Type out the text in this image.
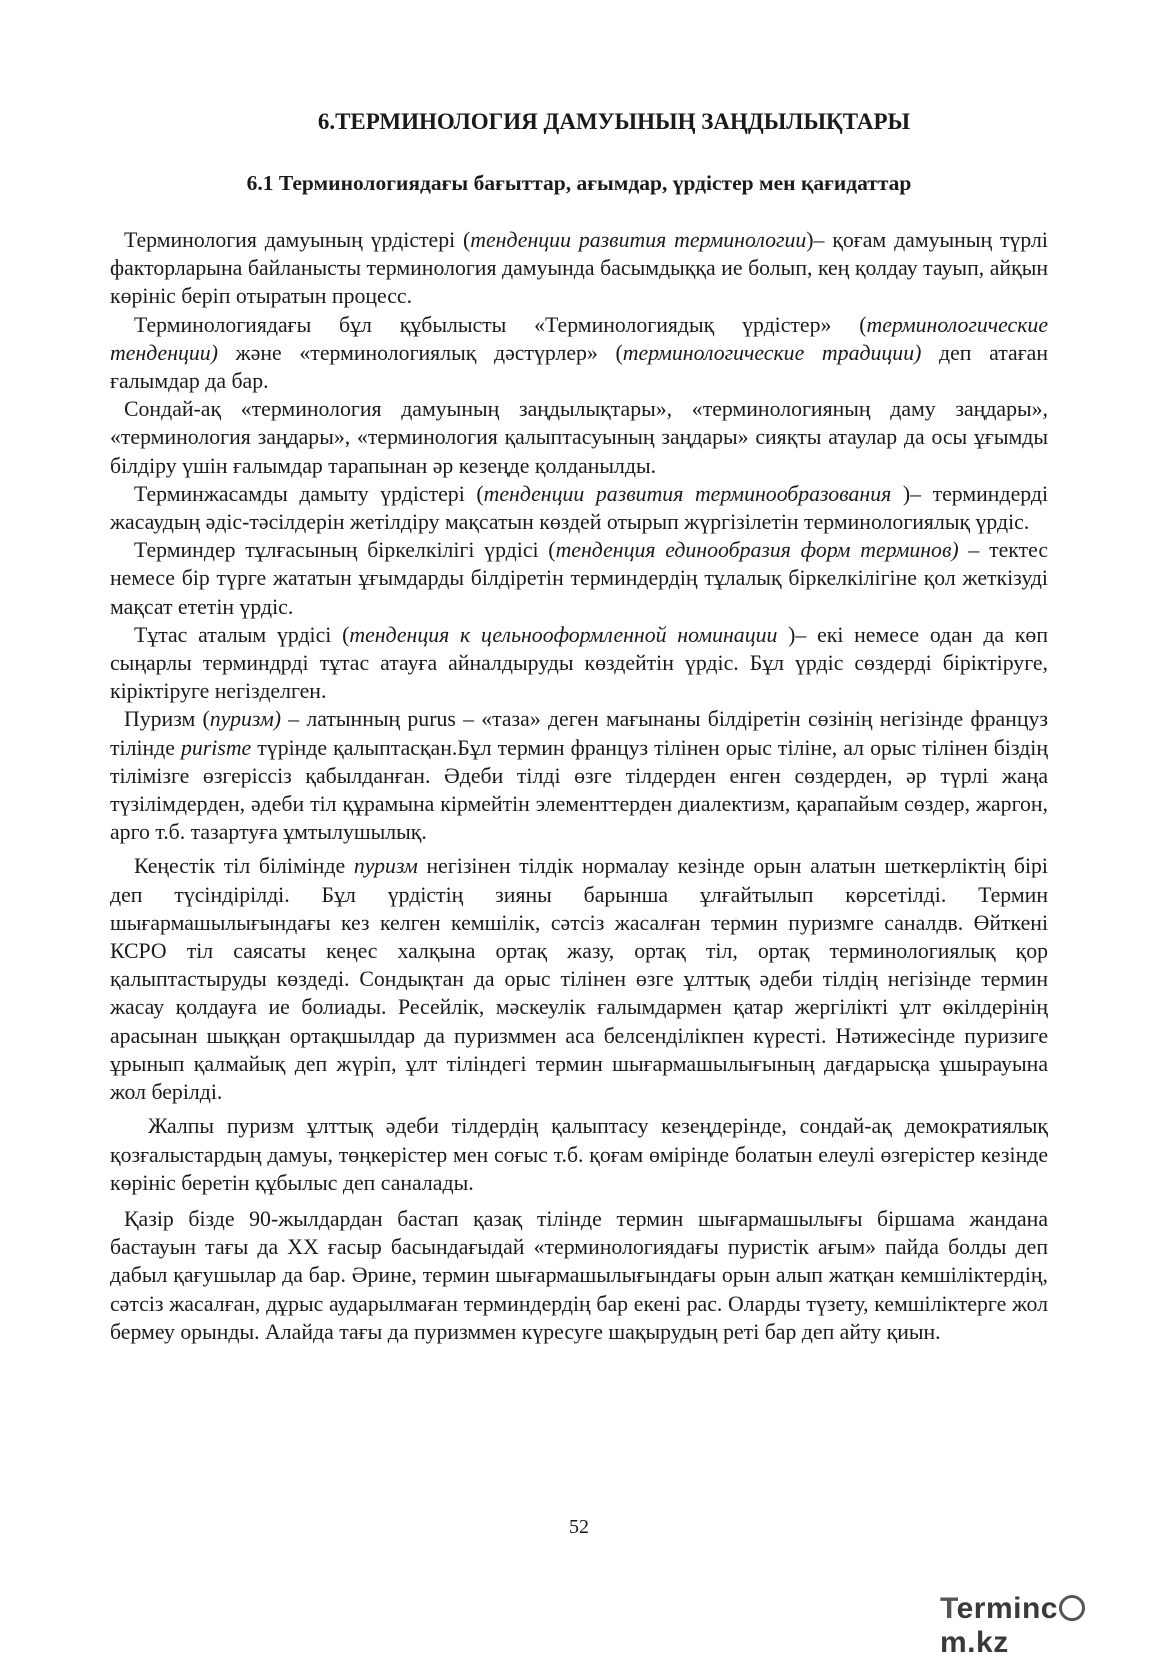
6.ТЕРМИНОЛОГИЯ ДАМУЫНЫҢ ЗАҢДЫЛЫҚТАРЫ
6.1 Терминологиядағы бағыттар, ағымдар, үрдістер мен қағидаттар

Терминология дамуының үрдістері (тенденции развития терминологии)– қоғам дамуының түрлі факторларына байланысты терминология дамуында басымдыққа ие болып, кең қолдау тауып, айқын көрініс беріп отыратын процесс.

Терминологиядағы бұл құбылысты «Терминологиядық үрдістер» (терминологические тенденции) және «терминологиялық дәстүрлер» (терминологические традиции) деп атаған ғалымдар да бар.

Сондай-ақ «терминология дамуының заңдылықтары», «терминологияның даму заңдары», «терминология заңдары», «терминология қалыптасуының заңдары» сияқты атаулар да осы ұғымды білдіру үшін ғалымдар тарапынан әр кезеңде қолданылды.

Терминжасамды дамыту үрдістері (тенденции развития терминообразования )– терминдерді жасаудың әдіс-тәсілдерін жетілдіру мақсатын көздей отырып жүргізілетін терминологиялық үрдіс.

Терминдер тұлғасының біркелкілігі үрдісі (тенденция единообразия форм терминов) – тектес немесе бір түрге жататын ұғымдарды білдіретін терминдердің тұлалық біркелкілігіне қол жеткізуді мақсат ететін үрдіс.

Тұтас аталым үрдісі (тенденция к цельнооформленной номинации )– екі немесе одан да көп сыңарлы терминдрді тұтас атауға айналдыруды көздейтін үрдіс. Бұл үрдіс сөздерді біріктіруге, кіріктіруге негізделген.

Пуризм (пуризм) – латынның purus – «таза» деген мағынаны білдіретін сөзінің негізінде француз тілінде purisme түрінде қалыптасқан.Бұл термин француз тілінен орыс тіліне, ал орыс тілінен біздің тілімізге өзгеріссіз қабылданған. Әдеби тілді өзге тілдерден енген сөздерден, әр түрлі жаңа түзілімдерден, әдеби тіл құрамына кірмейтін элементтерден диалектизм, қарапайым сөздер, жаргон, арго т.б. тазартуға ұмтылушылық.

Кеңестік тіл білімінде пуризм негізінен тілдік нормалау кезінде орын алатын шеткерліктің бірі деп түсіндірілді. Бұл үрдістің зияны барынша ұлғайтылып көрсетілді. Термин шығармашылығындағы кез келген кемшілік, сәтсіз жасалған термин пуризмге саналдв. Өйткені КСРО тіл саясаты кеңес халқына ортақ жазу, ортақ тіл, ортақ терминологиялық қор қалыптастыруды көздеді. Сондықтан да орыс тілінен өзге ұлттық әдеби тілдің негізінде термин жасау қолдауға ие болиады. Ресейлік, мәскеулік ғалымдармен қатар жергілікті ұлт өкілдерінің арасынан шыққан ортақшылдар да пуризммен аса белсенділікпен күресті. Нәтижесінде пуризиге ұрынып қалмайық деп жүріп, ұлт тіліндегі термин шығармашылығының дағдарысқа ұшырауына жол берілді.

Жалпы пуризм ұлттық әдеби тілдердің қалыптасу кезеңдерінде, сондай-ақ демократиялық қозғалыстардың дамуы, төңкерістер мен соғыс т.б. қоғам өмірінде болатын елеулі өзгерістер кезінде көрініс беретін құбылыс деп саналады.

Қазір бізде 90-жылдардан бастап қазақ тілінде термин шығармашылығы біршама жандана бастауын тағы да ХХ ғасыр басындағыдай «терминологиядағы пуристік ағым» пайда болды деп дабыл қағушылар да бар. Әрине, термин шығармашылығындағы орын алып жатқан кемшіліктердің, сәтсіз жасалған, дұрыс аударылмаған терминдердің бар екені рас. Оларды түзету, кемшіліктерге жол бермеу орынды. Алайда тағы да пуризммен күресуге шақырудың реті бар деп айту қиын.

52
Termincm.kz
